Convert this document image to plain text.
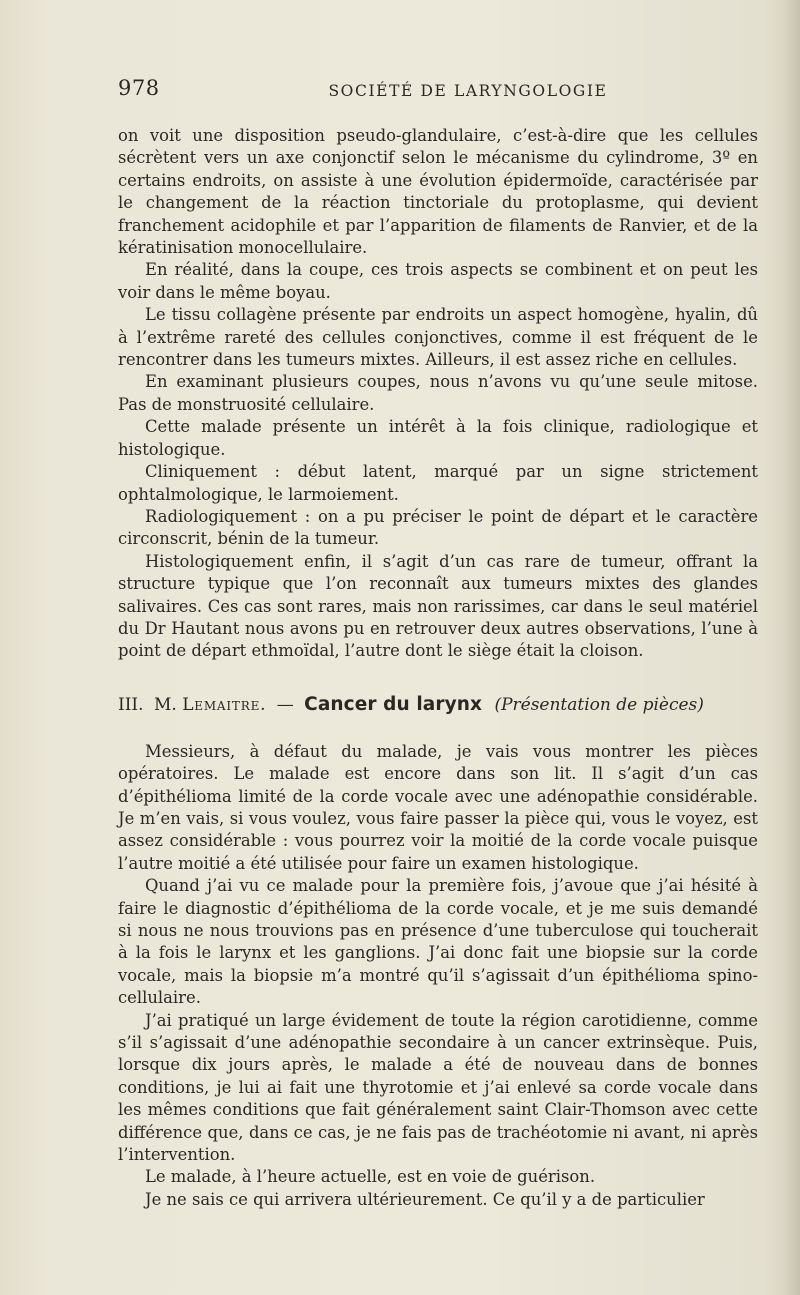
978	SOCIÉTÉ DE LARYNGOLOGIE

on voit une disposition pseudo-glandulaire, c’est-à-dire que les cellules sécrètent vers un axe conjonctif selon le mécanisme du cylindrome, 3º en certains endroits, on assiste à une évolution épidermoïde, caractérisée par le changement de la réaction tinctoriale du protoplasme, qui devient franchement acidophile et par l’apparition de filaments de Ranvier, et de la kératinisation monocellulaire.

En réalité, dans la coupe, ces trois aspects se combinent et on peut les voir dans le même boyau.

Le tissu collagène présente par endroits un aspect homogène, hyalin, dû à l’extrême rareté des cellules conjonctives, comme il est fréquent de le rencontrer dans les tumeurs mixtes. Ailleurs, il est assez riche en cellules.

En examinant plusieurs coupes, nous n’avons vu qu’une seule mitose. Pas de monstruosité cellulaire.

Cette malade présente un intérêt à la fois clinique, radiologique et histologique.

Cliniquement : début latent, marqué par un signe strictement ophtalmologique, le larmoiement.

Radiologiquement : on a pu préciser le point de départ et le caractère circonscrit, bénin de la tumeur.

Histologiquement enfin, il s’agit d’un cas rare de tumeur, offrant la structure typique que l’on reconnaît aux tumeurs mixtes des glandes salivaires. Ces cas sont rares, mais non rarissimes, car dans le seul matériel du Dr Hautant nous avons pu en retrouver deux autres observations, l’une à point de départ ethmoïdal, l’autre dont le siège était la cloison.

III. M. Lemaitre. — Cancer du larynx (Présentation de pièces)

Messieurs, à défaut du malade, je vais vous montrer les pièces opératoires. Le malade est encore dans son lit. Il s’agit d’un cas d’épithélioma limité de la corde vocale avec une adénopathie considérable. Je m’en vais, si vous voulez, vous faire passer la pièce qui, vous le voyez, est assez considérable : vous pourrez voir la moitié de la corde vocale puisque l’autre moitié a été utilisée pour faire un examen histologique.

Quand j’ai vu ce malade pour la première fois, j’avoue que j’ai hésité à faire le diagnostic d’épithélioma de la corde vocale, et je me suis demandé si nous ne nous trouvions pas en présence d’une tuberculose qui toucherait à la fois le larynx et les ganglions. J’ai donc fait une biopsie sur la corde vocale, mais la biopsie m’a montré qu’il s’agissait d’un épithélioma spino-cellulaire.

J’ai pratiqué un large évidement de toute la région carotidienne, comme s’il s’agissait d’une adénopathie secondaire à un cancer extrinsèque. Puis, lorsque dix jours après, le malade a été de nouveau dans de bonnes conditions, je lui ai fait une thyrotomie et j’ai enlevé sa corde vocale dans les mêmes conditions que fait généralement saint Clair-Thomson avec cette différence que, dans ce cas, je ne fais pas de trachéotomie ni avant, ni après l’intervention.

Le malade, à l’heure actuelle, est en voie de guérison.

Je ne sais ce qui arrivera ultérieurement. Ce qu’il y a de particulier
